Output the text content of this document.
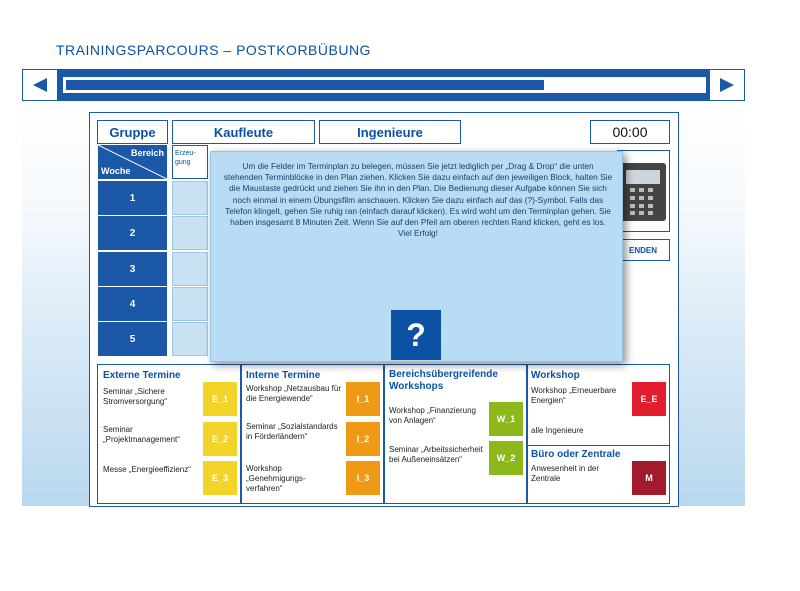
TRAININGSPARCOURS – POSTKORBÜBUNG
Gruppe	Kaufleute	Ingenieure	00:00
Bereich
Woche
Erzeu-
gung
1
2
3
4
5
ENDEN
Externe Termine
Seminar „Sichere Stromversorgung“	E_1
Seminar „Projektmanagement“	E_2
Messe „Energieeffizienz“
E_3
Interne Termine
Workshop „Netzausbau für die Energiewende“	I_1
Seminar „Sozialstandards in Förderländern“	I_2
Workshop „Genehmigungs-verfahren“
I_3
Bereichsübergreifende Workshops
Workshop „Finanzierung von Anlagen“	W_1
Seminar „Arbeitssicherheit bei Außeneinsätzen“	W_2
Workshop
Workshop „Erneuerbare Energien“	E_E
alle Ingenieure
Büro oder Zentrale
Anwesenheit in der Zentrale	M
Um die Felder im Terminplan zu belegen, müssen Sie jetzt lediglich per „Drag & Drop“ die unten stehenden Terminblöcke in den Plan ziehen. Klicken Sie dazu einfach auf den jeweiligen Block, halten Sie die Maustaste gedrückt und ziehen Sie ihn in den Plan. Die Bedienung dieser Aufgabe können Sie sich noch einmal in einem Übungsfilm anschauen. Klicken Sie dazu einfach auf das (?)-Symbol. Falls das Telefon klingelt, gehen Sie ruhig ran (einfach darauf klicken). Es wird wohl um den Terminplan gehen. Sie haben insgesamt 8 Minuten Zeit. Wenn Sie auf den Pfeil am oberen rechten Rand klicken, geht es los. Viel Erfolg!
?
